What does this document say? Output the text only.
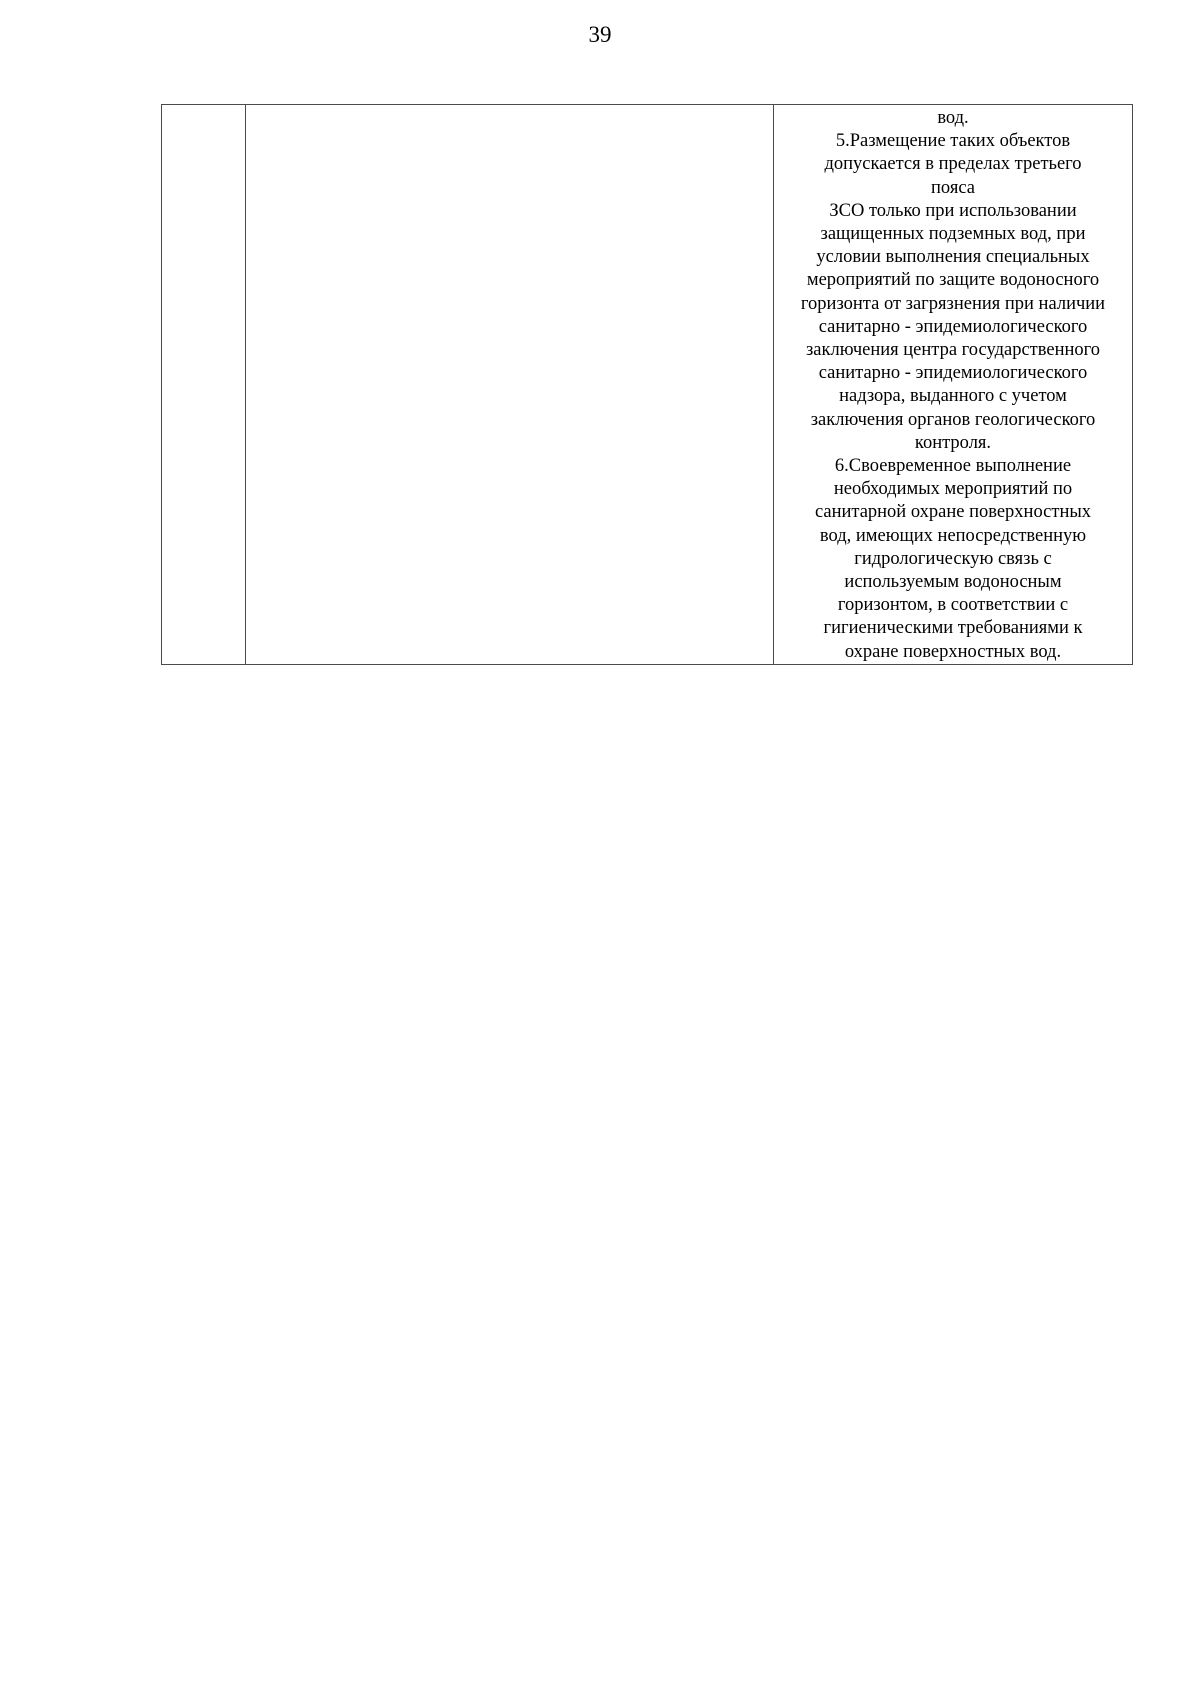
39

вод.
5.Размещение таких объектов
допускается в пределах третьего
пояса
ЗСО только при использовании
защищенных подземных вод, при
условии выполнения специальных
мероприятий по защите водоносного
горизонта от загрязнения при наличии
санитарно - эпидемиологического
заключения центра государственного
санитарно - эпидемиологического
надзора, выданного с учетом
заключения органов геологического
контроля.
6.Своевременное выполнение
необходимых мероприятий по
санитарной охране поверхностных
вод, имеющих непосредственную
гидрологическую связь с
используемым водоносным
горизонтом, в соответствии с
гигиеническими требованиями к
охране поверхностных вод.
